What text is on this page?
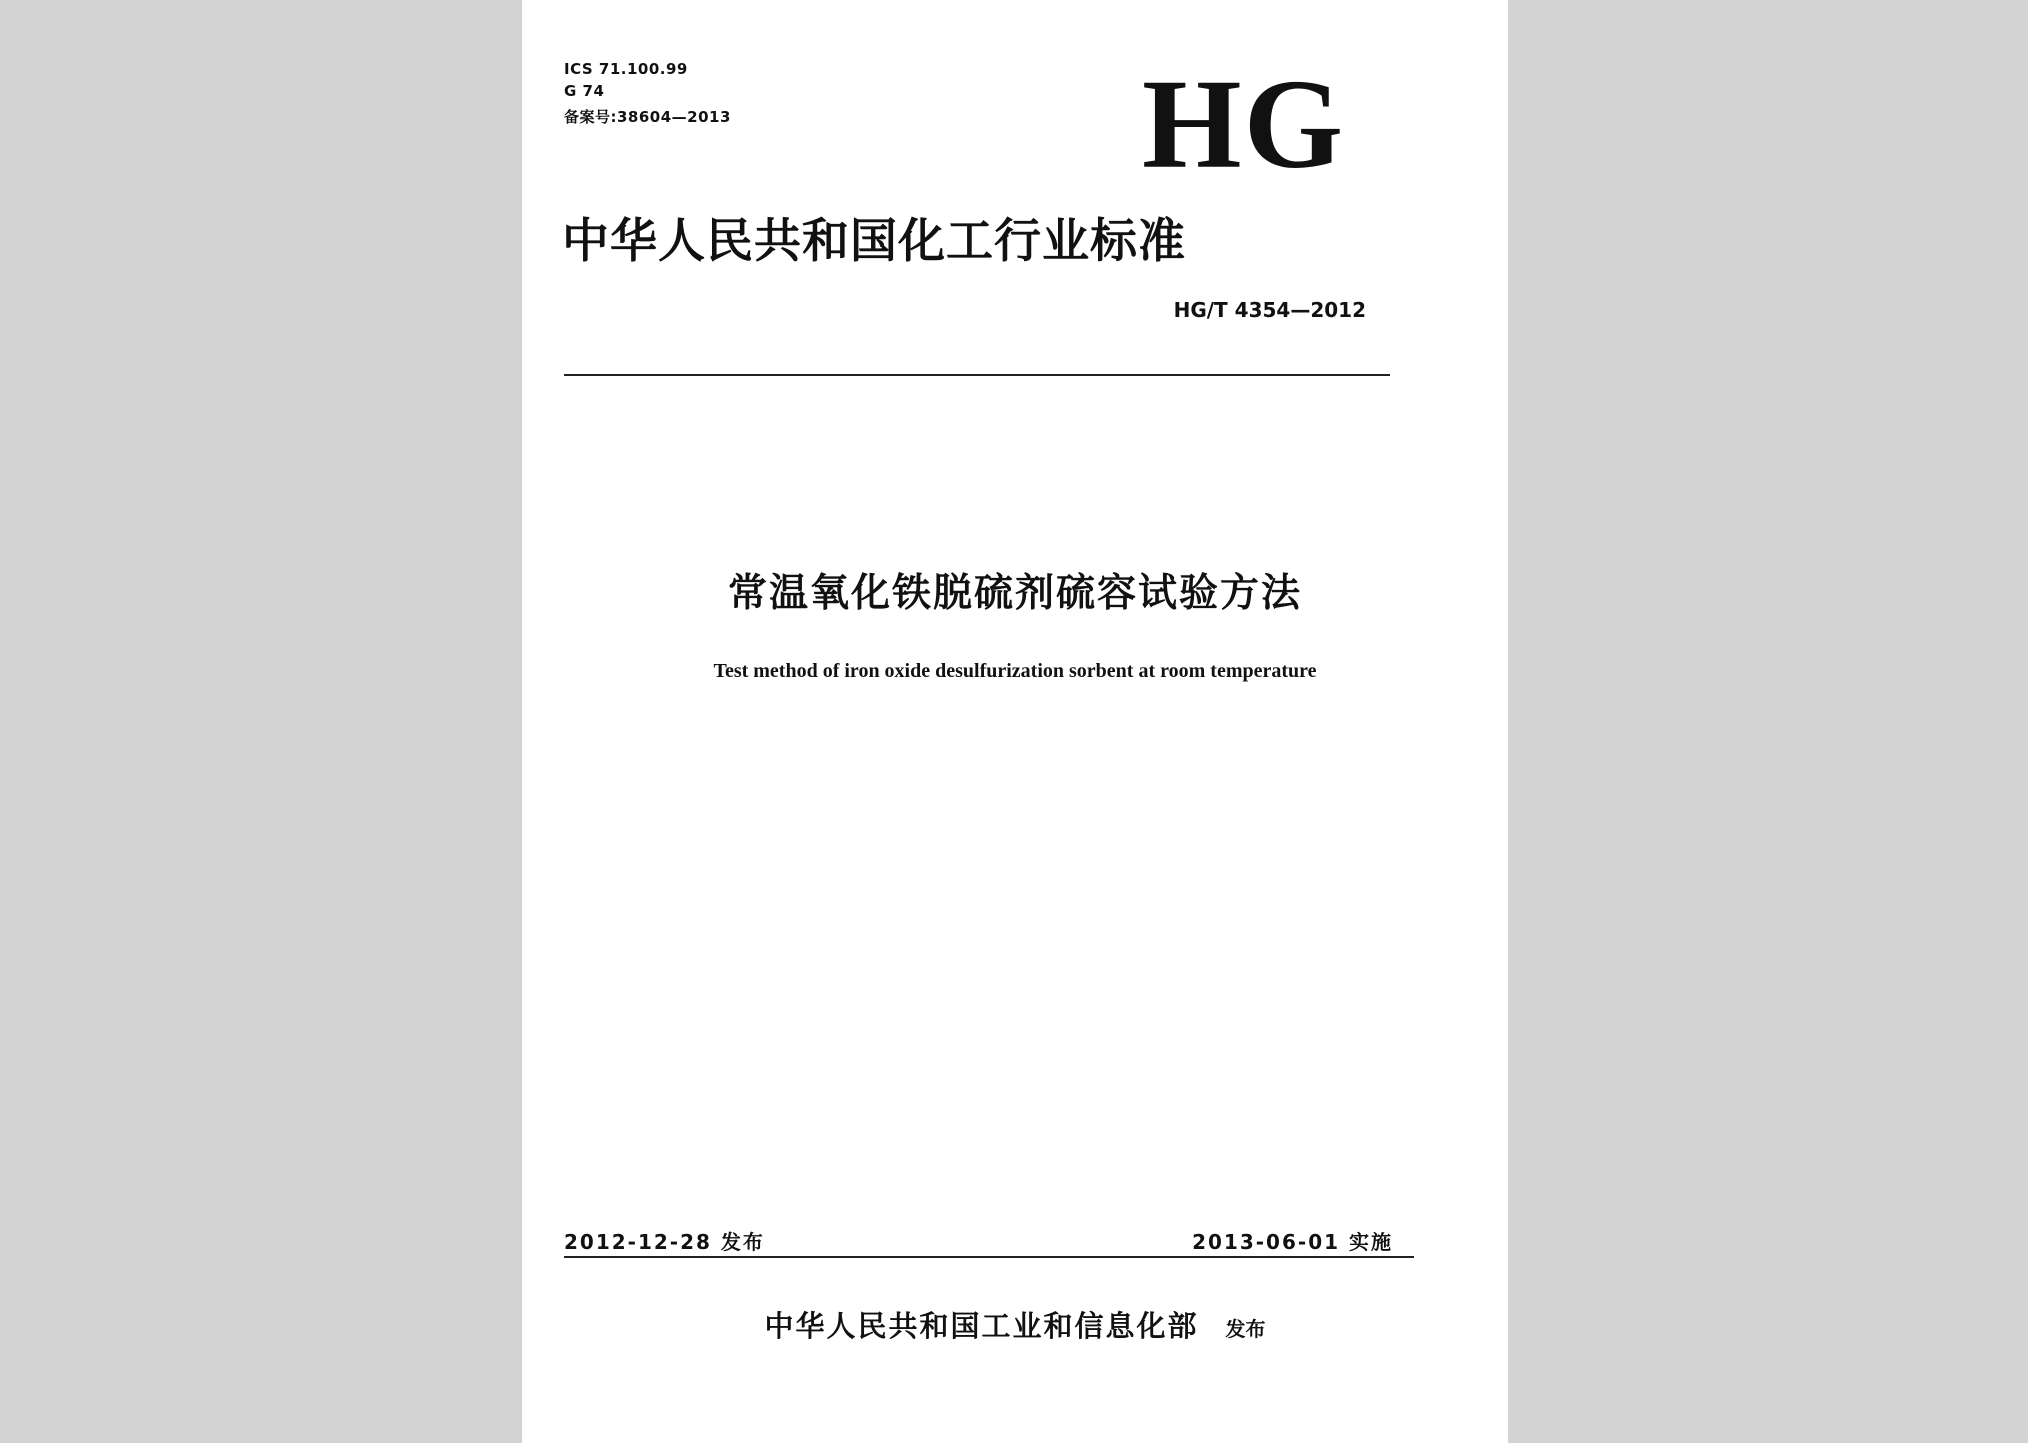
ICS 71.100.99
G 74
备案号:38604—2013	HG
中华人民共和国化工行业标准
HG/T 4354—2012
常温氧化铁脱硫剂硫容试验方法
Test method of iron oxide desulfurization sorbent at room temperature
2012-12-28 发布	2013-06-01 实施
中华人民共和国工业和信息化部 发布
